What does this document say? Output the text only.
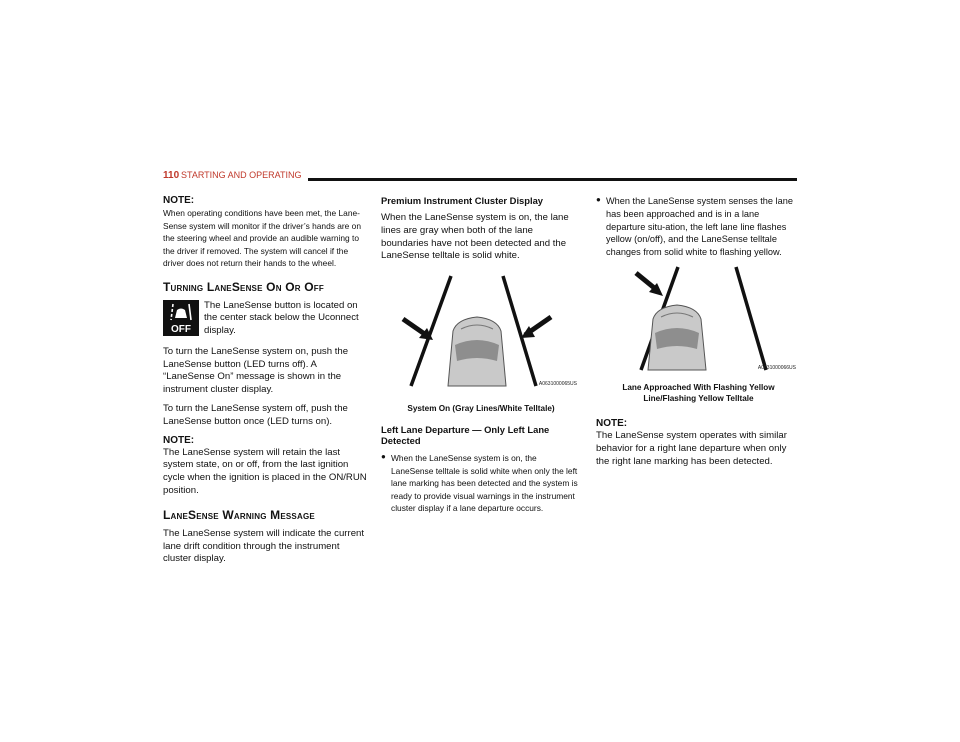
110 STARTING AND OPERATING

NOTE:

When operating conditions have been met, the Lane-Sense system will monitor if the driver’s hands are on the steering wheel and provide an audible warning to the driver if removed. The system will cancel if the driver does not return their hands to the wheel.

Turning LaneSense On Or Off
OFF

The LaneSense button is located on the center stack below the Uconnect display.

To turn the LaneSense system on, push the LaneSense button (LED turns off). A “LaneSense On” message is shown in the instrument cluster display.

To turn the LaneSense system off, push the LaneSense button once (LED turns on).

NOTE:

The LaneSense system will retain the last system state, on or off, from the last ignition cycle when the ignition is placed in the ON/RUN position.

LaneSense Warning Message

The LaneSense system will indicate the current lane drift condition through the instrument cluster display.

Premium Instrument Cluster Display

When the LaneSense system is on, the lane lines are gray when both of the lane boundaries have not been detected and the LaneSense telltale is solid white.

A0631000065US

System On (Gray Lines/White Telltale)

Left Lane Departure — Only Left Lane Detected

● When the LaneSense system is on, the LaneSense telltale is solid white when only the left lane marking has been detected and the system is ready to provide visual warnings in the instrument cluster display if a lane departure occurs.

● When the LaneSense system senses the lane has been approached and is in a lane departure situ-ation, the left lane line flashes yellow (on/off), and the LaneSense telltale changes from solid white to flashing yellow.

A0631000066US

Lane Approached With Flashing Yellow Line/Flashing Yellow Telltale

NOTE:

The LaneSense system operates with similar behavior for a right lane departure when only the right lane marking has been detected.
